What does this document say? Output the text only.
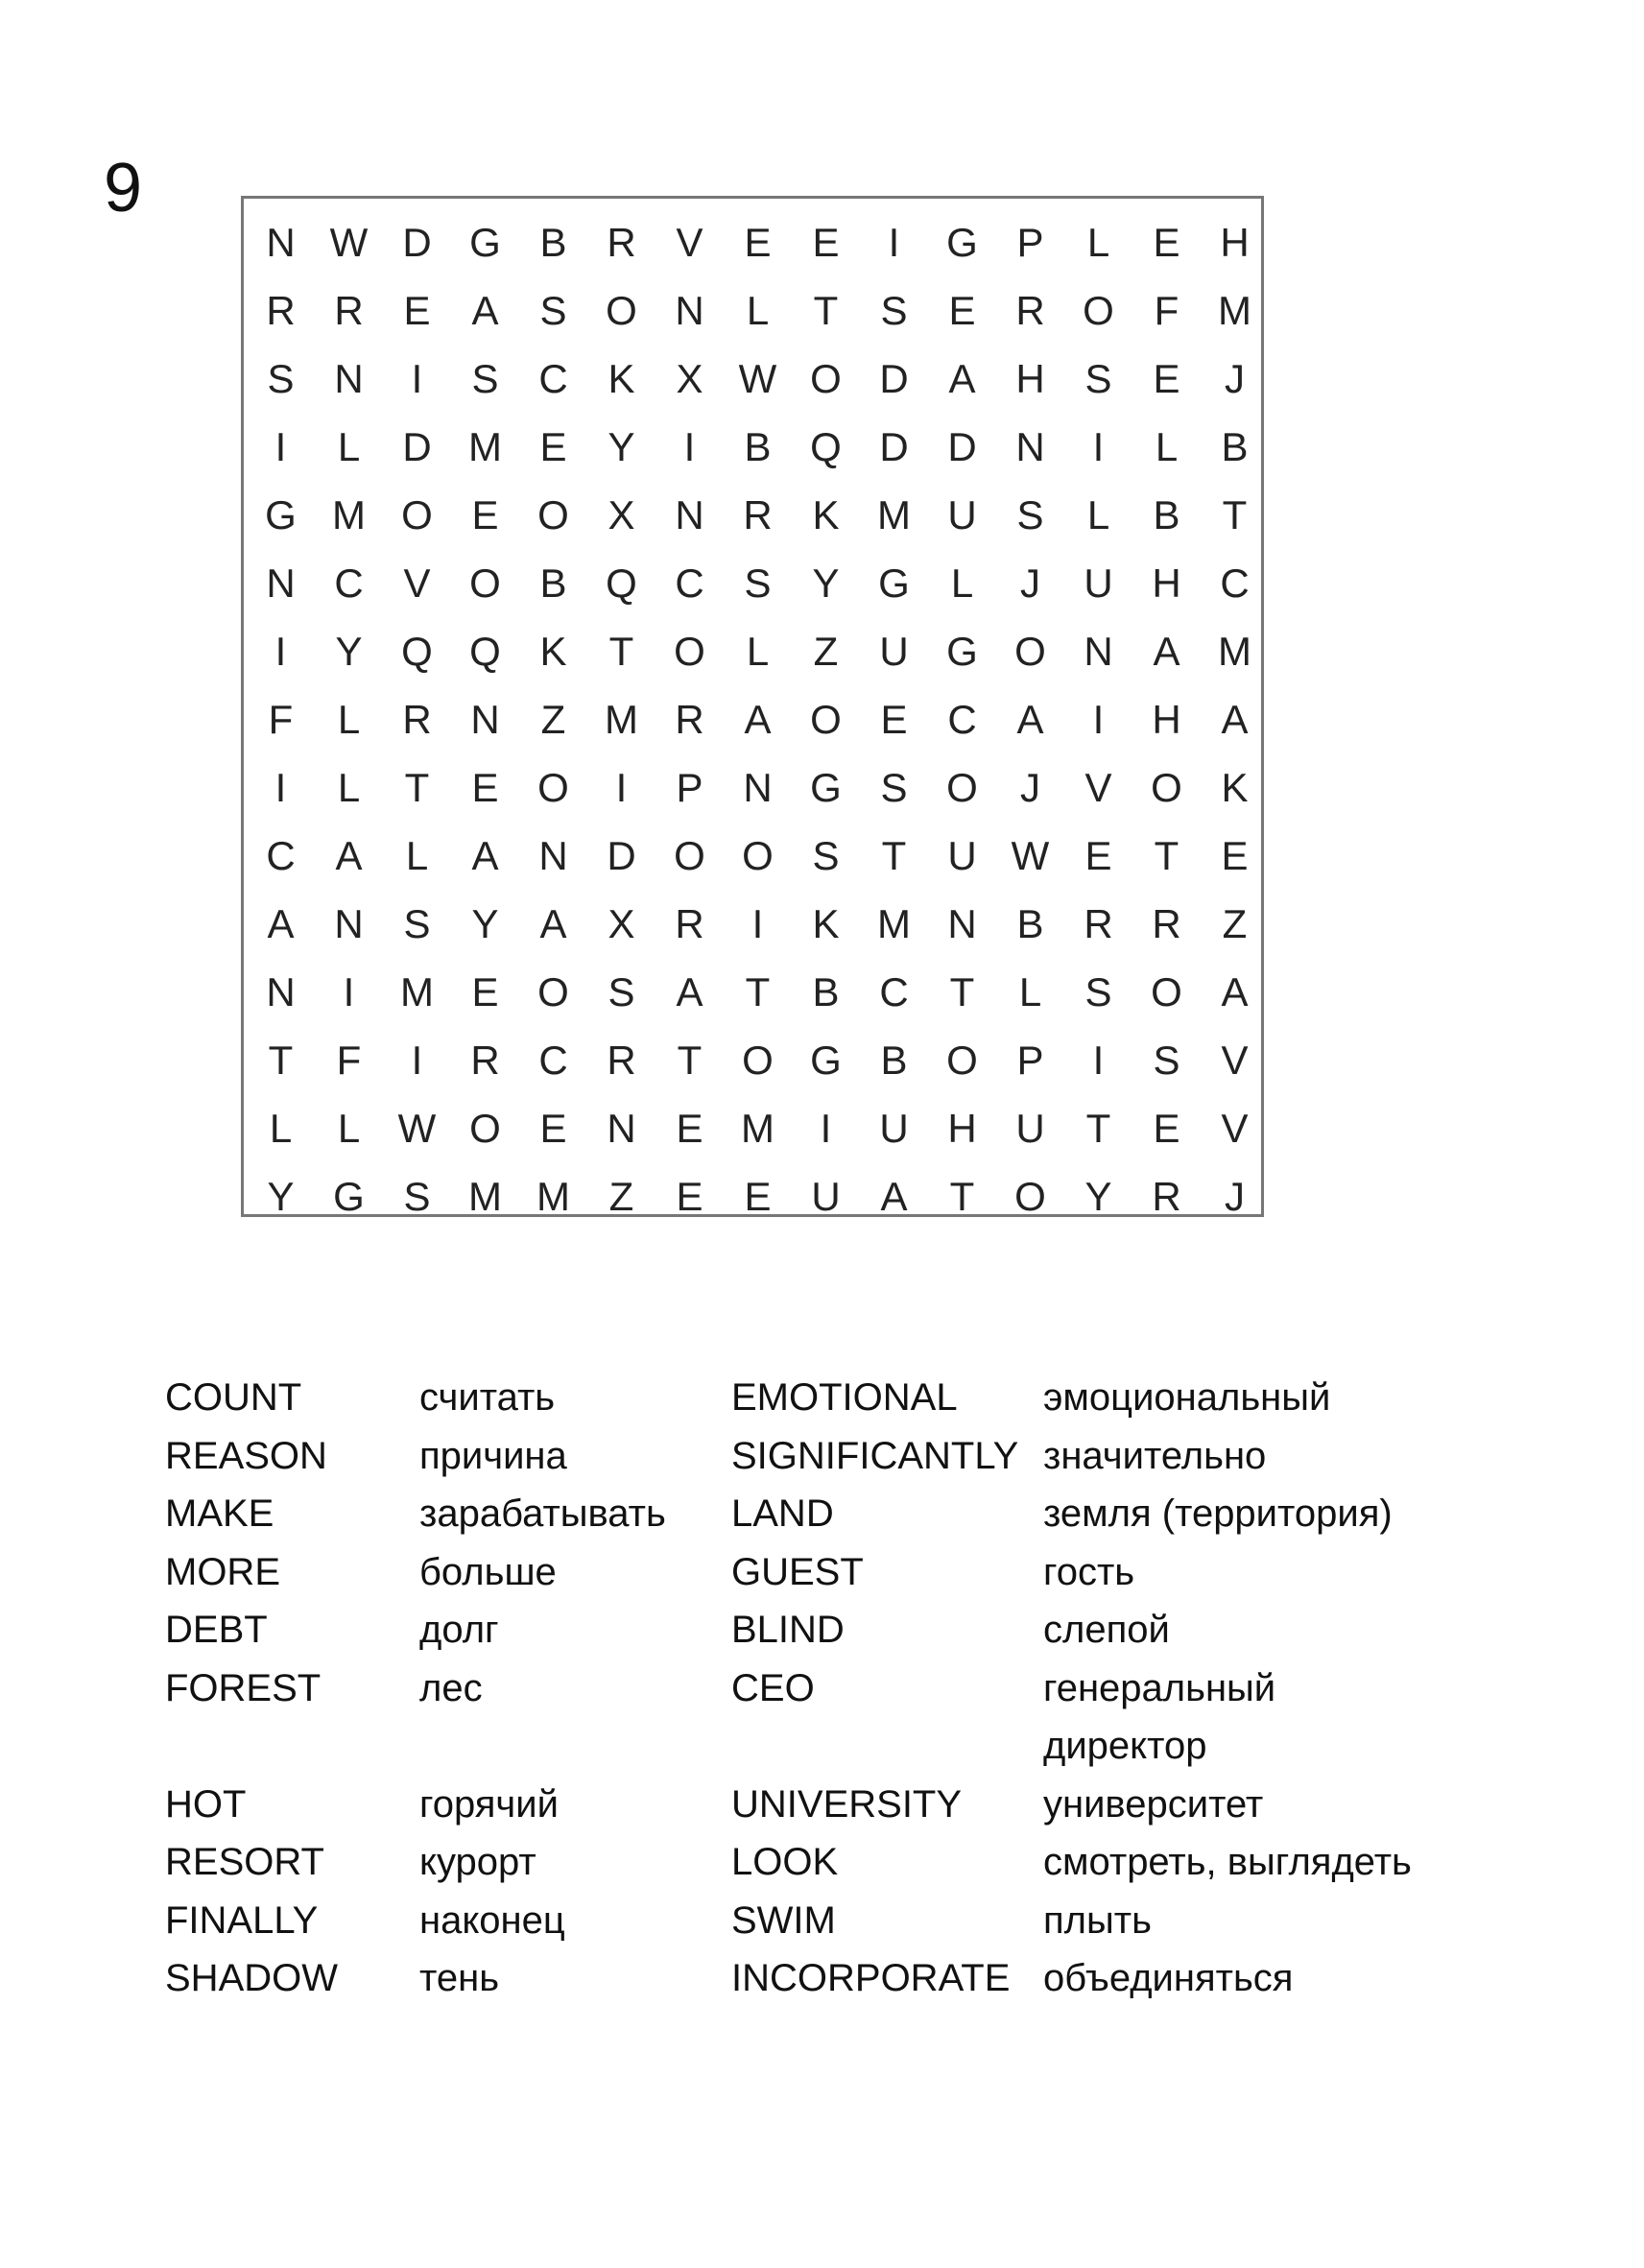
9
N W D G B R V	E	E	I	G P	L	E H
R R E	A	S O N	L	T	S	E R O F M
S N	I	S C K	X W O D A H S	E	J
I	L	D M E	Y	I	B Q D D N	I	L	B
G M O E O X N R K M U S	L	B	T
N C V O B Q C S	Y G	L	J	U H C
I	Y Q Q K	T O	L	Z	U G O N A M
F	L	R N	Z M R A O E C A	I	H A
I	L	T	E O	I	P N G S O	J	V O K
C A	L	A N D O O S	T	U W E	T	E
A N S	Y	A	X R	I	K M N B R R	Z
N	I	M E O S	A	T	B C	T	L	S O A
T	F	I	R C R	T O G B O P	I	S	V
L	L W O E N E M	I	U H U	T	E	V
Y G S M M Z	E	E U A	T O Y R	J
COUNT	считать	EMOTIONAL	эмоциональный
REASON	причина	SIGNIFICANTLY значительно
MAKE	зарабатывать	LAND	земля (территория)
MORE	больше	GUEST	гость
DEBT	долг	BLIND	слепой
FOREST	лес	CEO	генеральный
директор
HOT	горячий	UNIVERSITY	университет
RESORT	курорт	LOOK	смотреть, выглядеть
FINALLY	наконец	SWIM	плыть
SHADOW	тень	INCORPORATE объединяться
